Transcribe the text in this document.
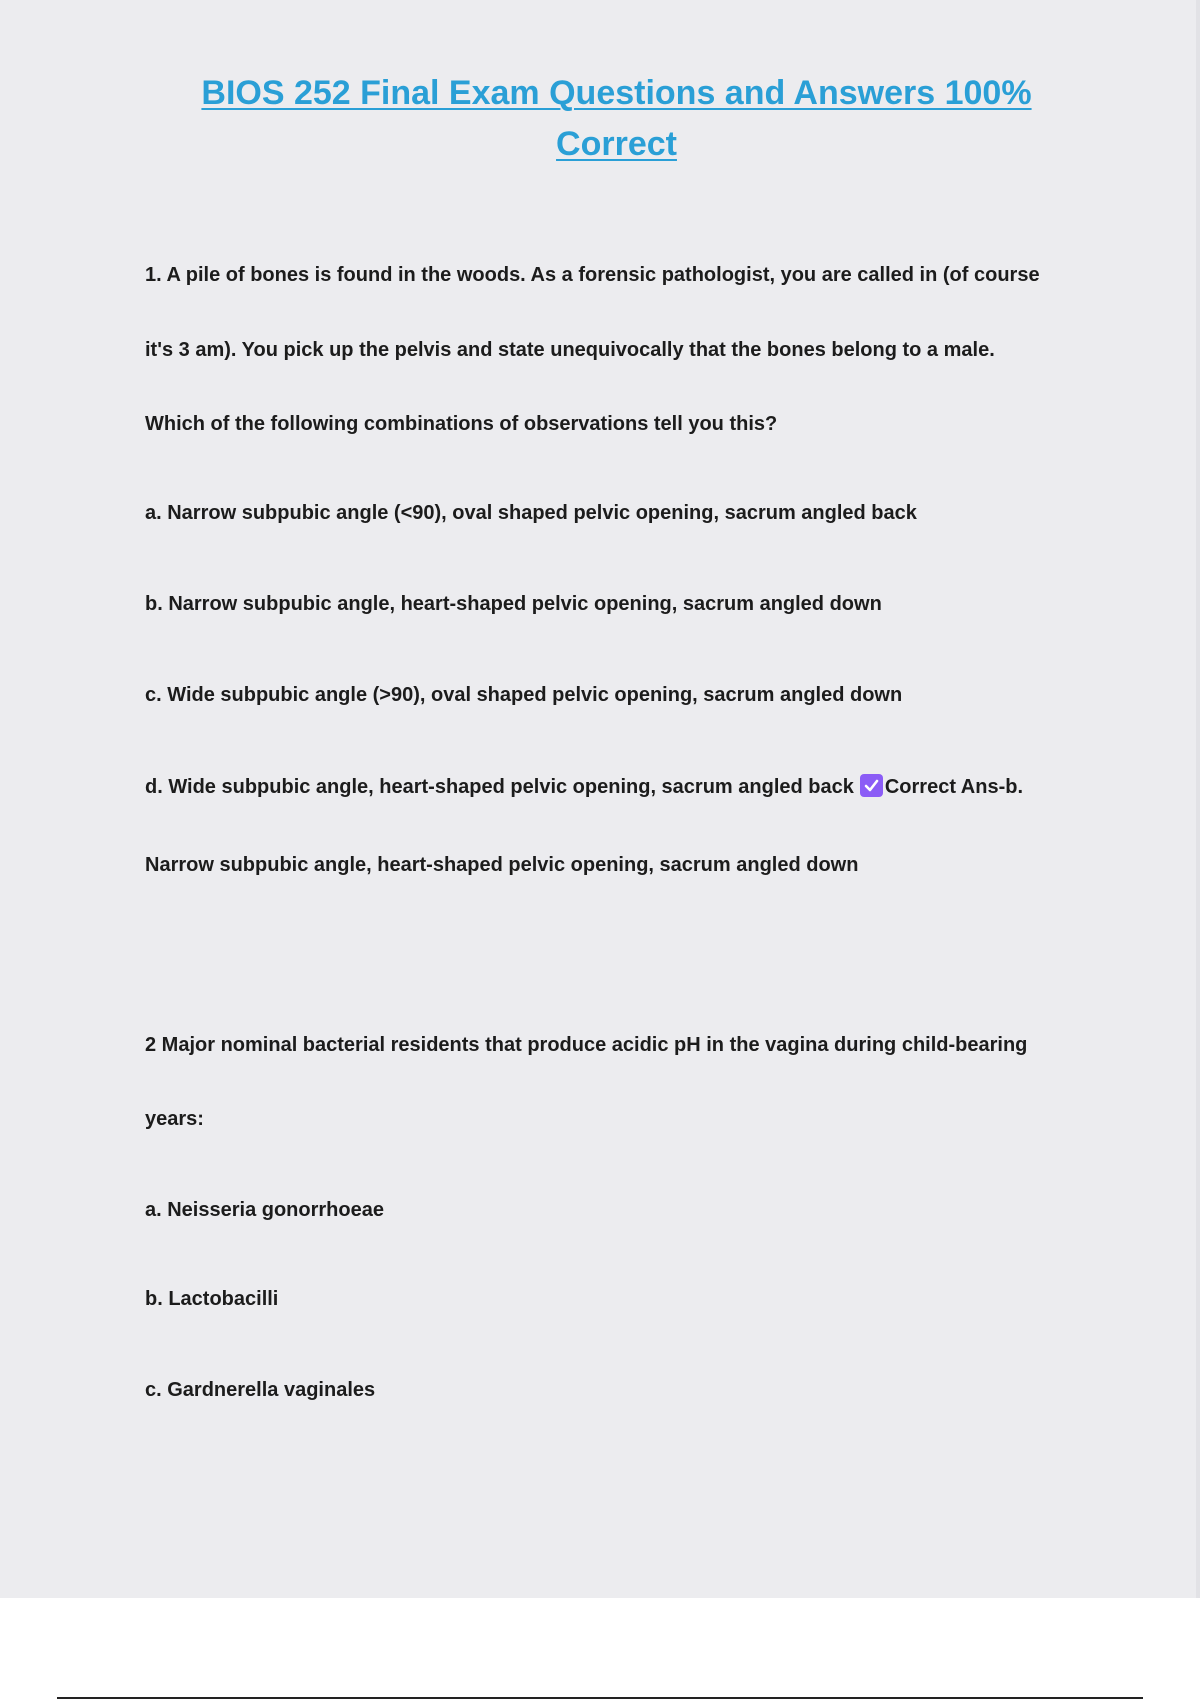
BIOS 252 Final Exam Questions and Answers 100%
Correct
1. A pile of bones is found in the woods. As a forensic pathologist, you are called in (of course
it's 3 am). You pick up the pelvis and state unequivocally that the bones belong to a male.
Which of the following combinations of observations tell you this?
a. Narrow subpubic angle (<90), oval shaped pelvic opening, sacrum angled back
b. Narrow subpubic angle, heart-shaped pelvic opening, sacrum angled down
c. Wide subpubic angle (>90), oval shaped pelvic opening, sacrum angled down
d. Wide subpubic angle, heart-shaped pelvic opening, sacrum angled back Correct Ans-b.
Narrow subpubic angle, heart-shaped pelvic opening, sacrum angled down
2 Major nominal bacterial residents that produce acidic pH in the vagina during child-bearing
years:
a. Neisseria gonorrhoeae
b. Lactobacilli
c. Gardnerella vaginales
